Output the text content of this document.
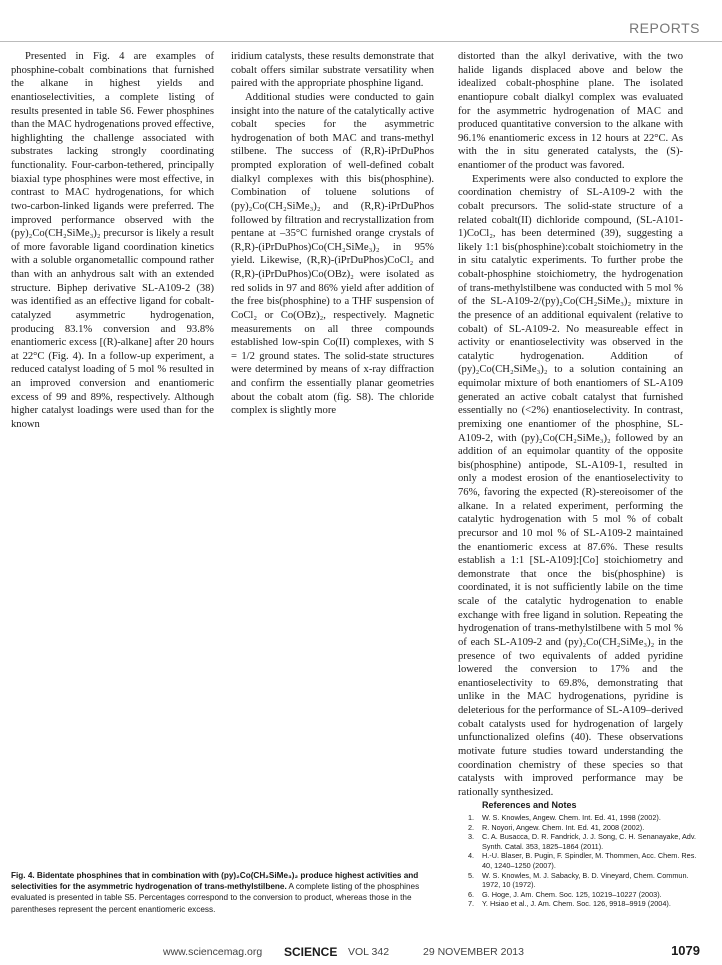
REPORTS

Presented in Fig. 4 are examples of phosphine-cobalt combinations that furnished the alkane in highest yields and enantioselectivities, a complete listing of results presented in table S6. Fewer phosphines than the MAC hydrogenations proved effective, highlighting the challenge associated with substrates lacking strongly coordinating functionality. Four-carbon-tethered, principally biaxial type phosphines were most effective, in contrast to MAC hydrogenations, for which two-carbon-linked ligands were preferred. The improved performance observed with the (py)₂Co(CH₂SiMe₃)₂ precursor is likely a result of more favorable ligand coordination kinetics with a soluble organometallic compound rather than with an anhydrous salt with an extended structure. Biphep derivative SL-A109-2 (38) was identified as an effective ligand for cobalt-catalyzed asymmetric hydrogenation, producing 83.1% conversion and 93.8% enantiomeric excess [(R)-alkane] after 20 hours at 22°C (Fig. 4). In a follow-up experiment, a reduced catalyst loading of 5 mol % resulted in an improved conversion and enantiomeric excess of 99 and 89%, respectively. Although higher catalyst loadings were used than for the known

iridium catalysts, these results demonstrate that cobalt offers similar substrate versatility when paired with the appropriate phosphine ligand.

Additional studies were conducted to gain insight into the nature of the catalytically active cobalt species for the asymmetric hydrogenation of both MAC and trans-methyl stilbene. The success of (R,R)-iPrDuPhos prompted exploration of well-defined cobalt dialkyl complexes with this bis(phosphine). Combination of toluene solutions of (py)₂Co(CH₂SiMe₃)₂ and (R,R)-iPrDuPhos followed by filtration and recrystallization from pentane at –35°C furnished orange crystals of (R,R)-(iPrDuPhos)Co(CH₂SiMe₃)₂ in 95% yield. Likewise, (R,R)-(iPrDuPhos)CoCl₂ and (R,R)-(iPrDuPhos)Co(OBz)₂ were isolated as red solids in 97 and 86% yield after addition of the free bis(phosphine) to a THF suspension of CoCl₂ or Co(OBz)₂, respectively. Magnetic measurements on all three compounds established low-spin Co(II) complexes, with S = 1/2 ground states. The solid-state structures were determined by means of x-ray diffraction and confirm the essentially planar geometries about the cobalt atom (fig. S8). The chloride complex is slightly more

distorted than the alkyl derivative, with the two halide ligands displaced above and below the idealized cobalt-phosphine plane. The isolated enantiopure cobalt dialkyl complex was evaluated for the asymmetric hydrogenation of MAC and produced quantitative conversion to the alkane with 96.1% enantiomeric excess in 12 hours at 22°C. As with the in situ generated catalysts, the (S)-enantiomer of the product was favored.

Experiments were also conducted to explore the coordination chemistry of SL-A109-2 with the cobalt precursors. The solid-state structure of a related cobalt(II) dichloride compound, (SL-A101-1)CoCl₂, has been determined (39), suggesting a likely 1:1 bis(phosphine):cobalt stoichiometry in the in situ catalytic experiments. To further probe the cobalt-phosphine stoichiometry, the hydrogenation of trans-methylstilbene was conducted with 5 mol % of the SL-A109-2/(py)₂Co(CH₂SiMe₃)₂ mixture in the presence of an additional equivalent (relative to cobalt) of SL-A109-2. No measureable effect in activity or enantioselectivity was observed in the catalytic hydrogenation. Addition of (py)₂Co(CH₂SiMe₃)₂ to a solution containing an equimolar mixture of both enantiomers of SL-A109 generated an active cobalt catalyst that furnished essentially no (<2%) enantioselectivity. In contrast, premixing one enantiomer of the phosphine, SL-A109-2, with (py)₂Co(CH₂SiMe₃)₂ followed by an addition of an equimolar quantity of the opposite bis(phosphine) antipode, SL-A109-1, resulted in only a modest erosion of the enantioselectivity to 76%, favoring the expected (R)-stereoisomer of the alkane. In a related experiment, performing the catalytic hydrogenation with 5 mol % of cobalt precursor and 10 mol % of SL-A109-2 maintained the enantiomeric excess at 87.6%. These results establish a 1:1 [SL-A109]:[Co] stoichiometry and demonstrate that once the bis(phosphine) is coordinated, it is not sufficiently labile on the time scale of the catalytic hydrogenation to enable exchange with free ligand in solution. Repeating the hydrogenation of trans-methylstilbene with 5 mol % of each SL-A109-2 and (py)₂Co(CH₂SiMe₃)₂ in the presence of two equivalents of added pyridine lowered the conversion to 17% and the enantioselectivity to 69.8%, demonstrating that unlike in the MAC hydrogenations, pyridine is deleterious for the performance of SL-A109–derived cobalt catalysts used for hydrogenation of largely unfunctionalized olefins (40). These observations motivate future studies toward understanding the coordination chemistry of these species so that catalysts with improved performance may be rationally synthesized.

References and Notes
1. W. S. Knowles, Angew. Chem. Int. Ed. 41, 1998 (2002).
2. R. Noyori, Angew. Chem. Int. Ed. 41, 2008 (2002).
3. C. A. Busacca, D. R. Fandrick, J. J. Song, C. H. Senanayake, Adv. Synth. Catal. 353, 1825–1864 (2011).
4. H.-U. Blaser, B. Pugin, F. Spindler, M. Thommen, Acc. Chem. Res. 40, 1240–1250 (2007).
5. W. S. Knowles, M. J. Sabacky, B. D. Vineyard, Chem. Commun. 1972, 10 (1972).
6. G. Hoge, J. Am. Chem. Soc. 125, 10219–10227 (2003).
7. Y. Hsiao et al., J. Am. Chem. Soc. 126, 9918–9919 (2004).
Fig. 4. Bidentate phosphines that in combination with (py)₂Co(CH₂SiMe₃)₂ produce highest activities and selectivities for the asymmetric hydrogenation of trans-methylstilbene. A complete listing of the phosphines evaluated is presented in table S5. Percentages correspond to the conversion to product, whereas those in the parentheses represent the percent enantiomeric excess.
www.sciencemag.org SCIENCE VOL 342	29 NOVEMBER 2013	1079
